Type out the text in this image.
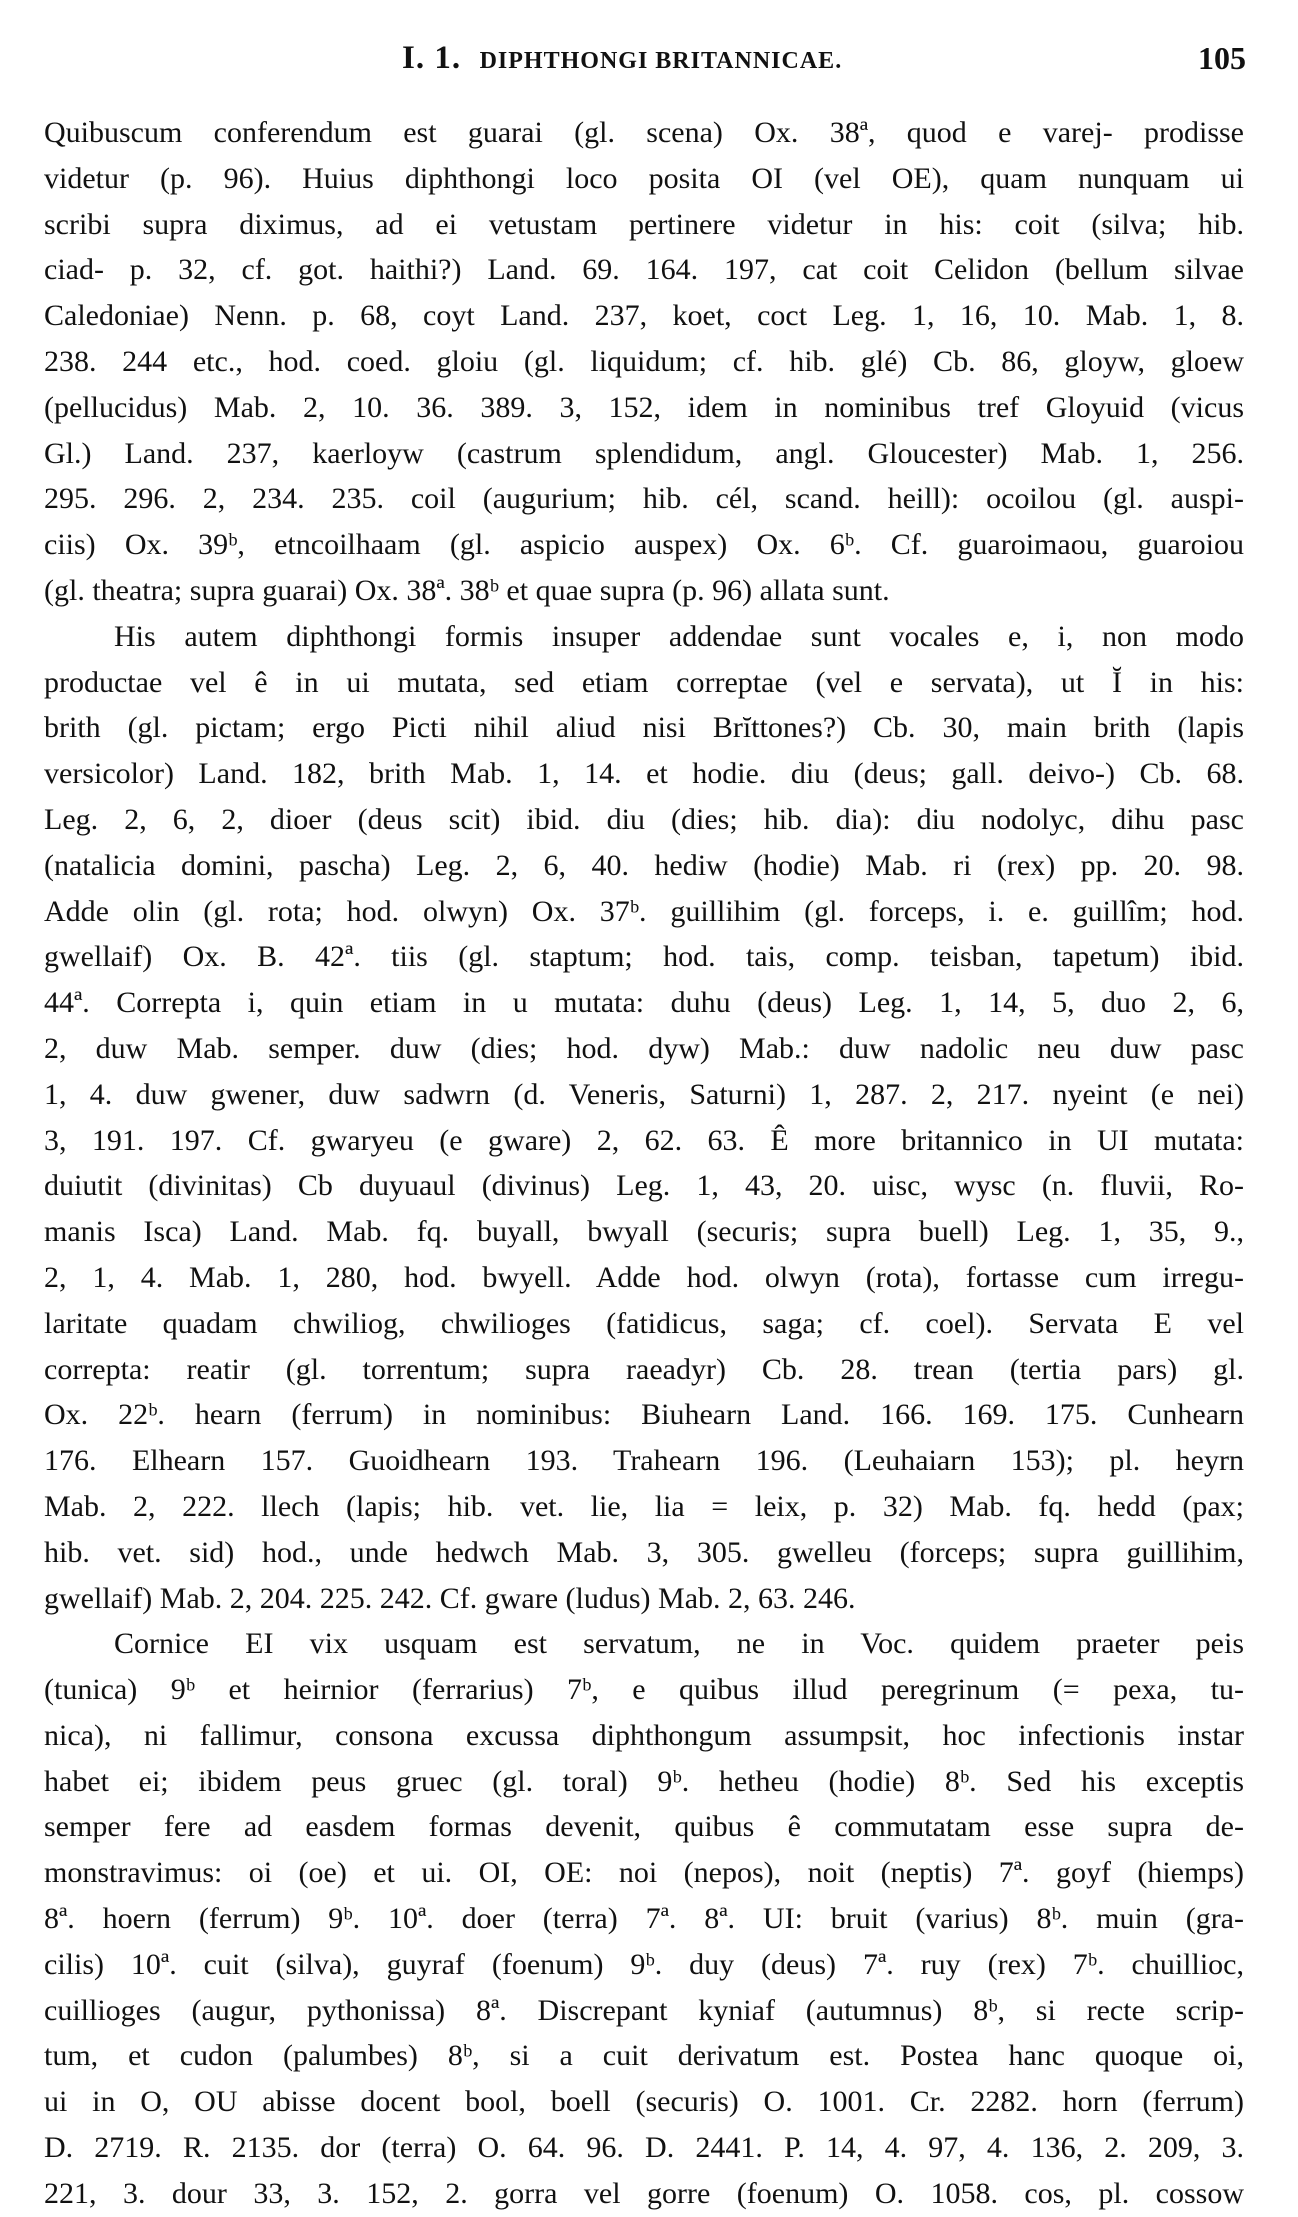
I. 1. DIPHTHONGI BRITANNICAE.	105
Quibuscum conferendum est guarai (gl. scena) Ox. 38ª, quod e varej- prodisse
videtur (p. 96). Huius diphthongi loco posita OI (vel OE), quam nunquam ui
scribi supra diximus, ad ei vetustam pertinere videtur in his: coit (silva; hib.
ciad- p. 32, cf. got. haithi?) Land. 69. 164. 197, cat coit Celidon (bellum silvae
Caledoniae) Nenn. p. 68, coyt Land. 237, koet, coct Leg. 1, 16, 10. Mab. 1, 8.
238. 244 etc., hod. coed. gloiu (gl. liquidum; cf. hib. glé) Cb. 86, gloyw, gloew
(pellucidus) Mab. 2, 10. 36. 389. 3, 152, idem in nominibus tref Gloyuid (vicus
Gl.) Land. 237, kaerloyw (castrum splendidum, angl. Gloucester) Mab. 1, 256.
295. 296. 2, 234. 235. coil (augurium; hib. cél, scand. heill): ocoilou (gl. auspi-
ciis) Ox. 39ᵇ, etncoilhaam (gl. aspicio auspex) Ox. 6ᵇ. Cf. guaroimaou, guaroiou
(gl. theatra; supra guarai) Ox. 38ª. 38ᵇ et quae supra (p. 96) allata sunt.
His autem diphthongi formis insuper addendae sunt vocales e, i, non modo
productae vel ê in ui mutata, sed etiam correptae (vel e servata), ut Ĭ in his:
brith (gl. pictam; ergo Picti nihil aliud nisi Brĭttones?) Cb. 30, main brith (lapis
versicolor) Land. 182, brith Mab. 1, 14. et hodie. diu (deus; gall. deivo-) Cb. 68.
Leg. 2, 6, 2, dioer (deus scit) ibid. diu (dies; hib. dia): diu nodolyc, dihu pasc
(natalicia domini, pascha) Leg. 2, 6, 40. hediw (hodie) Mab. ri (rex) pp. 20. 98.
Adde olin (gl. rota; hod. olwyn) Ox. 37ᵇ. guillihim (gl. forceps, i. e. guillîm; hod.
gwellaif) Ox. B. 42ª. tiis (gl. staptum; hod. tais, comp. teisban, tapetum) ibid.
44ª. Correpta i, quin etiam in u mutata: duhu (deus) Leg. 1, 14, 5, duo 2, 6,
2, duw Mab. semper. duw (dies; hod. dyw) Mab.: duw nadolic neu duw pasc
1, 4. duw gwener, duw sadwrn (d. Veneris, Saturni) 1, 287. 2, 217. nyeint (e nei)
3, 191. 197. Cf. gwaryeu (e gware) 2, 62. 63. Ê more britannico in UI mutata:
duiutit (divinitas) Cb duyuaul (divinus) Leg. 1, 43, 20. uisc, wysc (n. fluvii, Ro-
manis Isca) Land. Mab. fq. buyall, bwyall (securis; supra buell) Leg. 1, 35, 9.,
2, 1, 4. Mab. 1, 280, hod. bwyell. Adde hod. olwyn (rota), fortasse cum irregu-
laritate quadam chwiliog, chwilioges (fatidicus, saga; cf. coel). Servata E vel
correpta: reatir (gl. torrentum; supra raeadyr) Cb. 28. trean (tertia pars) gl.
Ox. 22ᵇ. hearn (ferrum) in nominibus: Biuhearn Land. 166. 169. 175. Cunhearn
176. Elhearn 157. Guoidhearn 193. Trahearn 196. (Leuhaiarn 153); pl. heyrn
Mab. 2, 222. llech (lapis; hib. vet. lie, lia = leix, p. 32) Mab. fq. hedd (pax;
hib. vet. sid) hod., unde hedwch Mab. 3, 305. gwelleu (forceps; supra guillihim,
gwellaif) Mab. 2, 204. 225. 242. Cf. gware (ludus) Mab. 2, 63. 246.
Cornice EI vix usquam est servatum, ne in Voc. quidem praeter peis
(tunica) 9ᵇ et heirnior (ferrarius) 7ᵇ, e quibus illud peregrinum (= pexa, tu-
nica), ni fallimur, consona excussa diphthongum assumpsit, hoc infectionis instar
habet ei; ibidem peus gruec (gl. toral) 9ᵇ. hetheu (hodie) 8ᵇ. Sed his exceptis
semper fere ad easdem formas devenit, quibus ê commutatam esse supra de-
monstravimus: oi (oe) et ui. OI, OE: noi (nepos), noit (neptis) 7ª. goyf (hiemps)
8ª. hoern (ferrum) 9ᵇ. 10ª. doer (terra) 7ª. 8ª. UI: bruit (varius) 8ᵇ. muin (gra-
cilis) 10ª. cuit (silva), guyraf (foenum) 9ᵇ. duy (deus) 7ª. ruy (rex) 7ᵇ. chuillioc,
cuillioges (augur, pythonissa) 8ª. Discrepant kyniaf (autumnus) 8ᵇ, si recte scrip-
tum, et cudon (palumbes) 8ᵇ, si a cuit derivatum est. Postea hanc quoque oi,
ui in O, OU abisse docent bool, boell (securis) O. 1001. Cr. 2282. horn (ferrum)
D. 2719. R. 2135. dor (terra) O. 64. 96. D. 2441. P. 14, 4. 97, 4. 136, 2. 209, 3.
221, 3. dour 33, 3. 152, 2. gorra vel gorre (foenum) O. 1058. cos, pl. cossow
